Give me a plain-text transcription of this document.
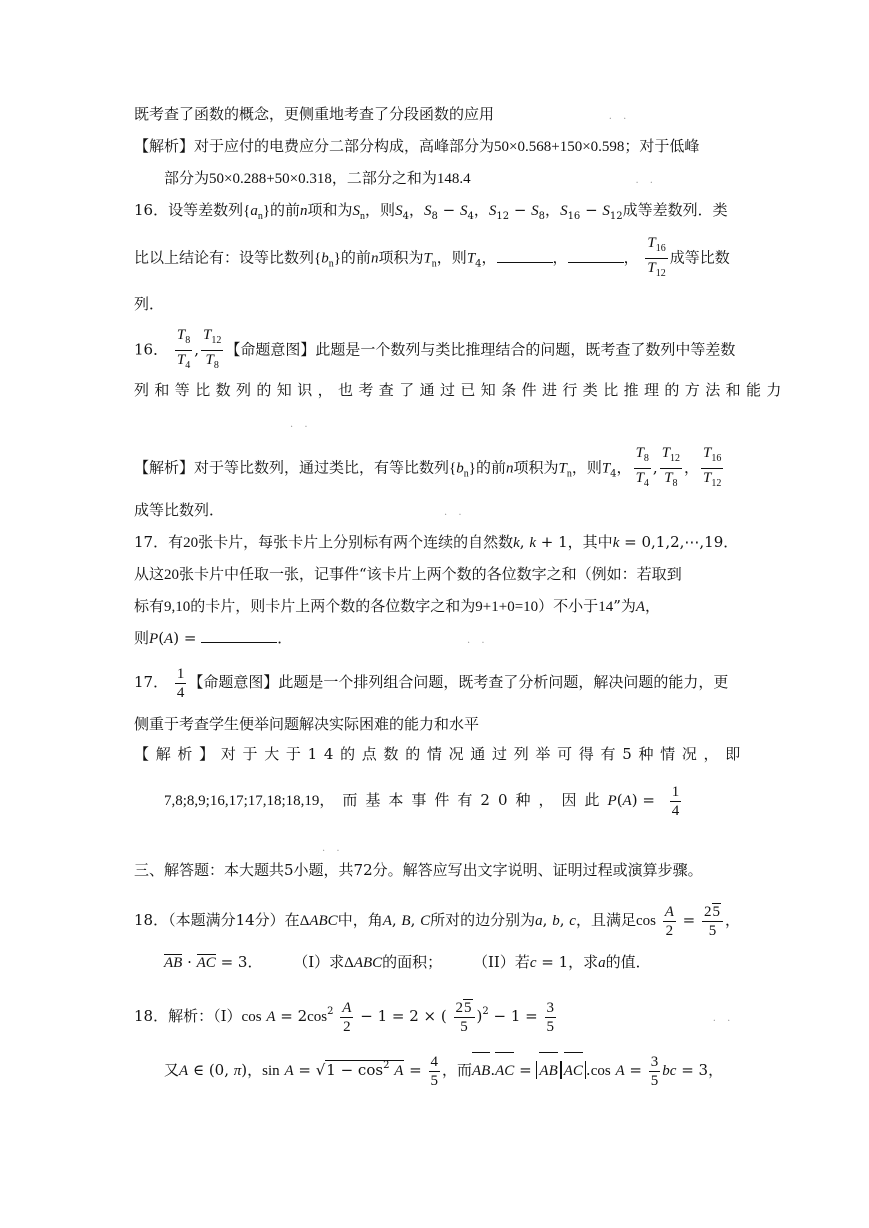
既考查了函数的概念，更侧重地考查了分段函数的应用	. .
【解析】对于应付的电费应分二部分构成，高峰部分为50×0.568+150×0.598；对于低峰
部分为50×0.288+50×0.318，二部分之和为148.4	. .
16．设等差数列$\{a_n\}$的前n项和为$S_n$，则$S_4$，$S_8 - S_4$，$S_{12} - S_8$，$S_{16} - S_{12}$成等差数列．类
比以上结论有：设等比数列$\{b_n\}$的前n项积为$T_n$，则$T_4$，	，	， $\frac{T_{16}}{T_{12}}$ 成等比数
列．
16． $\frac{T_8}{T_4}$ , $\frac{T_{12}}{T_8}$ 【命题意图】此题是一个数列与类比推理结合的问题，既考查了数列中等差数
列和等比数列的知识，也考查了通过已知条件进行类比推理的方法和能力
. .
【解析】对于等比数列，通过类比，有等比数列$\{b_n\}$的前n项积为$T_n$，则$T_4$， $\frac{T_8}{T_4}$ , $\frac{T_{12}}{T_8}$ ， $\frac{T_{16}}{T_{12}}$
成等比数列．	. .
17．有20张卡片，每张卡片上分别标有两个连续的自然数k, k + 1，其中k = 0,1,2,⋯,19．
从这20张卡片中任取一张，记事件“该卡片上两个数的各位数字之和（例如：若取到
标有9,10的卡片，则卡片上两个数的各位数字之和为9+1+0=10）不小于14”为A，
则P(A) =	．	. .
17． $\frac{1}{4}$ 【命题意图】此题是一个排列组合问题，既考查了分析问题，解决问题的能力，更
侧重于考查学生便举问题解决实际困难的能力和水平
【解析】对于大于14的点数的情况通过列举可得有5种情况，即
7,8;8,9;16,17;17,18;18,19，而基本事件有20种，因此$P(A) = \frac{1}{4}$
. .
三、解答题：本大题共5小题，共72分。解答应写出文字说明、证明过程或演算步骤。
18．（本题满分14分）在ΔABC中，角A, B, C所对的边分别为a, b, c，且满足$\cos \frac{A}{2} = \frac{25}{5}$ ，
AB · AC = 3． （I）求ΔABC的面积； （II）若c = 1，求a的值．
18．解析：（Ⅰ）cos $A = 2\cos^2 \frac{A}{2} - 1 = 2$ × ( $\frac{25}{5} )^2 - 1 = \frac{3}{5}$	. .
又A ∈ (0, π)，$\sin A = √1 - \cos^2 A = \frac{4}{5}$ ，而AB.AC = AB AC .cos $A = \frac{3}{5}$ bc = 3，
